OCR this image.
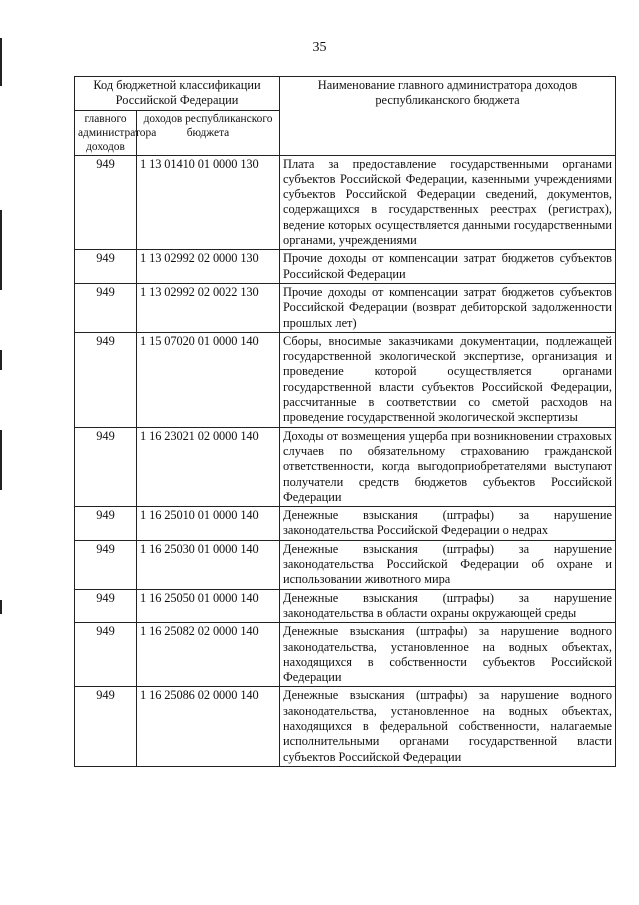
35
Код бюджетной классификации Российской Федерации		Наименование главного администратора доходов республиканского бюджета
главного администратора доходов	доходов республиканского бюджета	
949	1 13 01410 01 0000 130	Плата за предоставление государственными органами субъектов Российской Федерации, казенными учреждениями субъектов Российской Федерации сведений, документов, содержащихся в государственных реестрах (регистрах), ведение которых осуществляется данными государственными органами, учреждениями
949	1 13 02992 02 0000 130	Прочие доходы от компенсации затрат бюджетов субъектов Российской Федерации
949	1 13 02992 02 0022 130	Прочие доходы от компенсации затрат бюджетов субъектов Российской Федерации (возврат дебиторской задолженности прошлых лет)
949	1 15 07020 01 0000 140	Сборы, вносимые заказчиками документации, подлежащей государственной экологической экспертизе, организация и проведение которой осуществляется органами государственной власти субъектов Российской Федерации, рассчитанные в соответствии со сметой расходов на проведение государственной экологической экспертизы
949	1 16 23021 02 0000 140	Доходы от возмещения ущерба при возникновении страховых случаев по обязательному страхованию гражданской ответственности, когда выгодоприобретателями выступают получатели средств бюджетов субъектов Российской Федерации
949	1 16 25010 01 0000 140	Денежные взыскания (штрафы) за нарушение законодательства Российской Федерации о недрах
949	1 16 25030 01 0000 140	Денежные взыскания (штрафы) за нарушение законодательства Российской Федерации об охране и использовании животного мира
949	1 16 25050 01 0000 140	Денежные взыскания (штрафы) за нарушение законодательства в области охраны окружающей среды
949	1 16 25082 02 0000 140	Денежные взыскания (штрафы) за нарушение водного законодательства, установленное на водных объектах, находящихся в собственности субъектов Российской Федерации
949	1 16 25086 02 0000 140	Денежные взыскания (штрафы) за нарушение водного законодательства, установленное на водных объектах, находящихся в федеральной собственности, налагаемые исполнительными органами государственной власти субъектов Российской Федерации
